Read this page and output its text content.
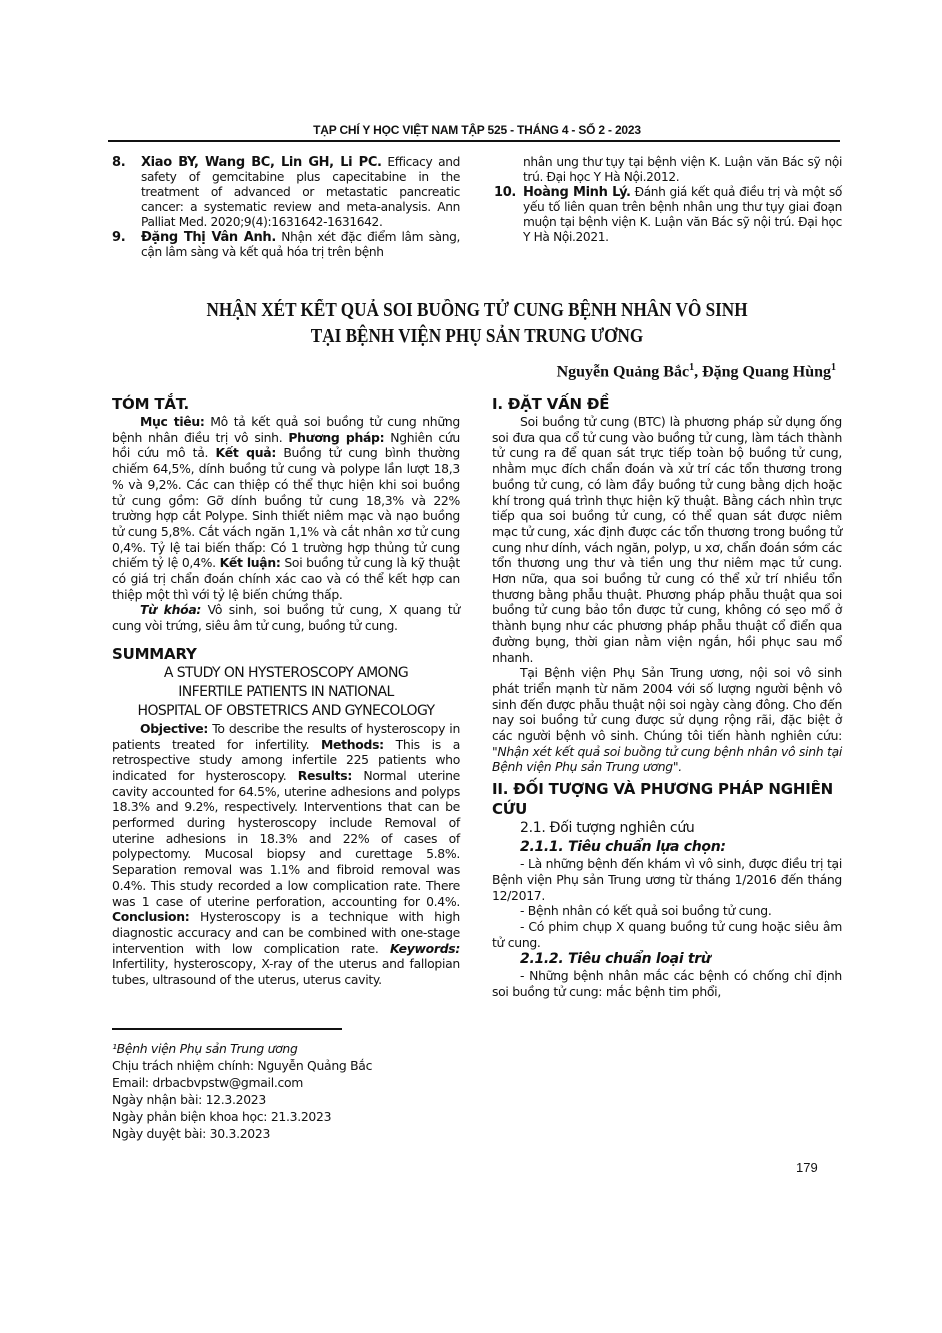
TẠP CHÍ Y HỌC VIỆT NAM TẬP 525 - THÁNG 4 - SỐ 2 - 2023
8.	Xiao BY, Wang BC, Lin GH, Li PC. Efficacy and safety of gemcitabine plus capecitabine in the treatment of advanced or metastatic pancreatic cancer: a systematic review and meta-analysis. Ann Palliat Med. 2020;9(4):1631642-1631642.
9.	Đặng Thị Vân Anh. Nhận xét đặc điểm lâm sàng, cận lâm sàng và kết quả hóa trị trên bệnh
nhân ung thư tụy tại bệnh viện K. Luận văn Bác sỹ nội trú. Đại học Y Hà Nội.2012.
10. Hoàng Minh Lý. Đánh giá kết quả điều trị và một số yếu tố liên quan trên bệnh nhân ung thư tụy giai đoạn muộn tại bệnh viện K. Luận văn Bác sỹ nội trú. Đại học Y Hà Nội.2021.
NHẬN XÉT KẾT QUẢ SOI BUỒNG TỬ CUNG BỆNH NHÂN VÔ SINH
TẠI BỆNH VIỆN PHỤ SẢN TRUNG ƯƠNG
Nguyễn Quảng Bắc$^1$, Đặng Quang Hùng$^1$
TÓM TẮT.

Mục tiêu: Mô tả kết quả soi buồng tử cung những bệnh nhân điều trị vô sinh. Phương pháp: Nghiên cứu hồi cứu mô tả. Kết quả: Buồng tử cung bình thường chiếm 64,5%, dính buồng tử cung và polype lần lượt 18,3 % và 9,2%. Các can thiệp có thể thực hiện khi soi buồng tử cung gồm: Gỡ dính buồng tử cung 18,3% và 22% trường hợp cắt Polype. Sinh thiết niêm mạc và nạo buồng tử cung 5,8%. Cắt vách ngăn 1,1% và cắt nhân xơ tử cung 0,4%. Tỷ lệ tai biến thấp: Có 1 trường hợp thủng tử cung chiếm tỷ lệ 0,4%. Kết luận: Soi buồng tử cung là kỹ thuật có giá trị chẩn đoán chính xác cao và có thể kết hợp can thiệp một thì với tỷ lệ biến chứng thấp.

Từ khóa: Vô sinh, soi buồng tử cung, X quang tử cung vòi trứng, siêu âm tử cung, buồng tử cung.

SUMMARY
A STUDY ON HYSTEROSCOPY AMONG
INFERTILE PATIENTS IN NATIONAL
HOSPITAL OF OBSTETRICS AND GYNECOLOGY

Objective: To describe the results of hysteroscopy in patients treated for infertility. Methods: This is a retrospective study among infertile 225 patients who indicated for hysteroscopy. Results: Normal uterine cavity accounted for 64.5%, uterine adhesions and polyps 18.3% and 9.2%, respectively. Interventions that can be performed during hysteroscopy include Removal of uterine adhesions in 18.3% and 22% of cases of polypectomy. Mucosal biopsy and curettage 5.8%. Separation removal was 1.1% and fibroid removal was 0.4%. This study recorded a low complication rate. There was 1 case of uterine perforation, accounting for 0.4%. Conclusion: Hysteroscopy is a technique with high diagnostic accuracy and can be combined with one-stage intervention with low complication rate. Keywords: Infertility, hysteroscopy, X-ray of the uterus and fallopian tubes, ultrasound of the uterus, uterus cavity.

¹Bệnh viện Phụ sản Trung ương
Chịu trách nhiệm chính: Nguyễn Quảng Bắc
Email: drbacbvpstw@gmail.com
Ngày nhận bài: 12.3.2023
Ngày phản biện khoa học: 21.3.2023
Ngày duyệt bài: 30.3.2023
I. ĐẶT VẤN ĐỀ

Soi buồng tử cung (BTC) là phương pháp sử dụng ống soi đưa qua cổ tử cung vào buồng tử cung, làm tách thành tử cung ra để quan sát trực tiếp toàn bộ buồng tử cung, nhằm mục đích chẩn đoán và xử trí các tổn thương trong buồng tử cung, có làm đầy buồng tử cung bằng dịch hoặc khí trong quá trình thực hiện kỹ thuật. Bằng cách nhìn trực tiếp qua soi buồng tử cung, có thể quan sát được niêm mạc tử cung, xác định được các tổn thương trong buồng tử cung như dính, vách ngăn, polyp, u xơ, chẩn đoán sớm các tổn thương ung thư và tiền ung thư niêm mạc tử cung. Hơn nữa, qua soi buồng tử cung có thể xử trí nhiều tổn thương bằng phẫu thuật. Phương pháp phẫu thuật qua soi buồng tử cung bảo tồn được tử cung, không có sẹo mổ ở thành bụng như các phương pháp phẫu thuật cổ điển qua đường bụng, thời gian nằm viện ngắn, hồi phục sau mổ nhanh.

Tại Bệnh viện Phụ Sản Trung ương, nội soi vô sinh phát triển mạnh từ năm 2004 với số lượng người bệnh vô sinh đến được phẫu thuật nội soi ngày càng đông. Cho đến nay soi buồng tử cung được sử dụng rộng rãi, đặc biệt ở các người bệnh vô sinh. Chúng tôi tiến hành nghiên cứu: "Nhận xét kết quả soi buồng tử cung bệnh nhân vô sinh tại Bệnh viện Phụ sản Trung ương".

II. ĐỐI TƯỢNG VÀ PHƯƠNG PHÁP NGHIÊN CỨU
2.1. Đối tượng nghiên cứu
2.1.1. Tiêu chuẩn lựa chọn:

- Là những bệnh đến khám vì vô sinh, được điều trị tại Bệnh viện Phụ sản Trung ương từ tháng 1/2016 đến tháng 12/2017.

- Bệnh nhân có kết quả soi buồng tử cung.

- Có phim chụp X quang buồng tử cung hoặc siêu âm tử cung.

2.1.2. Tiêu chuẩn loại trừ

- Những bệnh nhân mắc các bệnh có chống chỉ định soi buồng tử cung: mắc bệnh tim phổi,

179
